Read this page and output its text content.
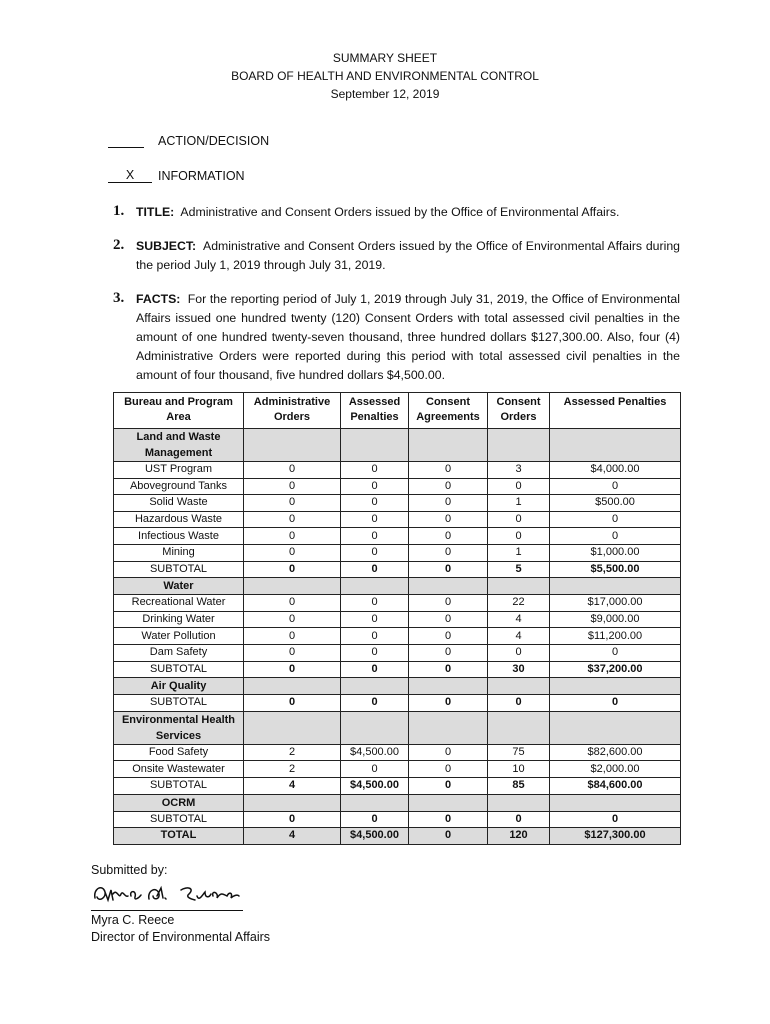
SUMMARY SHEET
BOARD OF HEALTH AND ENVIRONMENTAL CONTROL
September 12, 2019
ACTION/DECISION
X INFORMATION
1. TITLE: Administrative and Consent Orders issued by the Office of Environmental Affairs.
2. SUBJECT: Administrative and Consent Orders issued by the Office of Environmental Affairs during the period July 1, 2019 through July 31, 2019.
3. FACTS: For the reporting period of July 1, 2019 through July 31, 2019, the Office of Environmental Affairs issued one hundred twenty (120) Consent Orders with total assessed civil penalties in the amount of one hundred twenty-seven thousand, three hundred dollars $127,300.00. Also, four (4) Administrative Orders were reported during this period with total assessed civil penalties in the amount of four thousand, five hundred dollars $4,500.00.
Bureau and Program Area	Administrative Orders	Assessed Penalties	Consent Agreements	Consent Orders	Assessed Penalties
Land and Waste Management					
UST Program	0	0	0	3	$4,000.00
Aboveground Tanks	0	0	0	0	0
Solid Waste	0	0	0	1	$500.00
Hazardous Waste	0	0	0	0	0
Infectious Waste	0	0	0	0	0
Mining	0	0	0	1	$1,000.00
SUBTOTAL	0	0	0	5	$5,500.00
Water					
Recreational Water	0	0	0	22	$17,000.00
Drinking Water	0	0	0	4	$9,000.00
Water Pollution	0	0	0	4	$11,200.00
Dam Safety	0	0	0	0	0
SUBTOTAL	0	0	0	30	$37,200.00
Air Quality					
SUBTOTAL	0	0	0	0	0
Environmental Health Services					
Food Safety	2	$4,500.00	0	75	$82,600.00
Onsite Wastewater	2	0	0	10	$2,000.00
SUBTOTAL	4	$4,500.00	0	85	$84,600.00
OCRM					
SUBTOTAL	0	0	0	0	0
TOTAL	4	$4,500.00	0	120	$127,300.00
Submitted by:
Myra C. Reece
Director of Environmental Affairs
